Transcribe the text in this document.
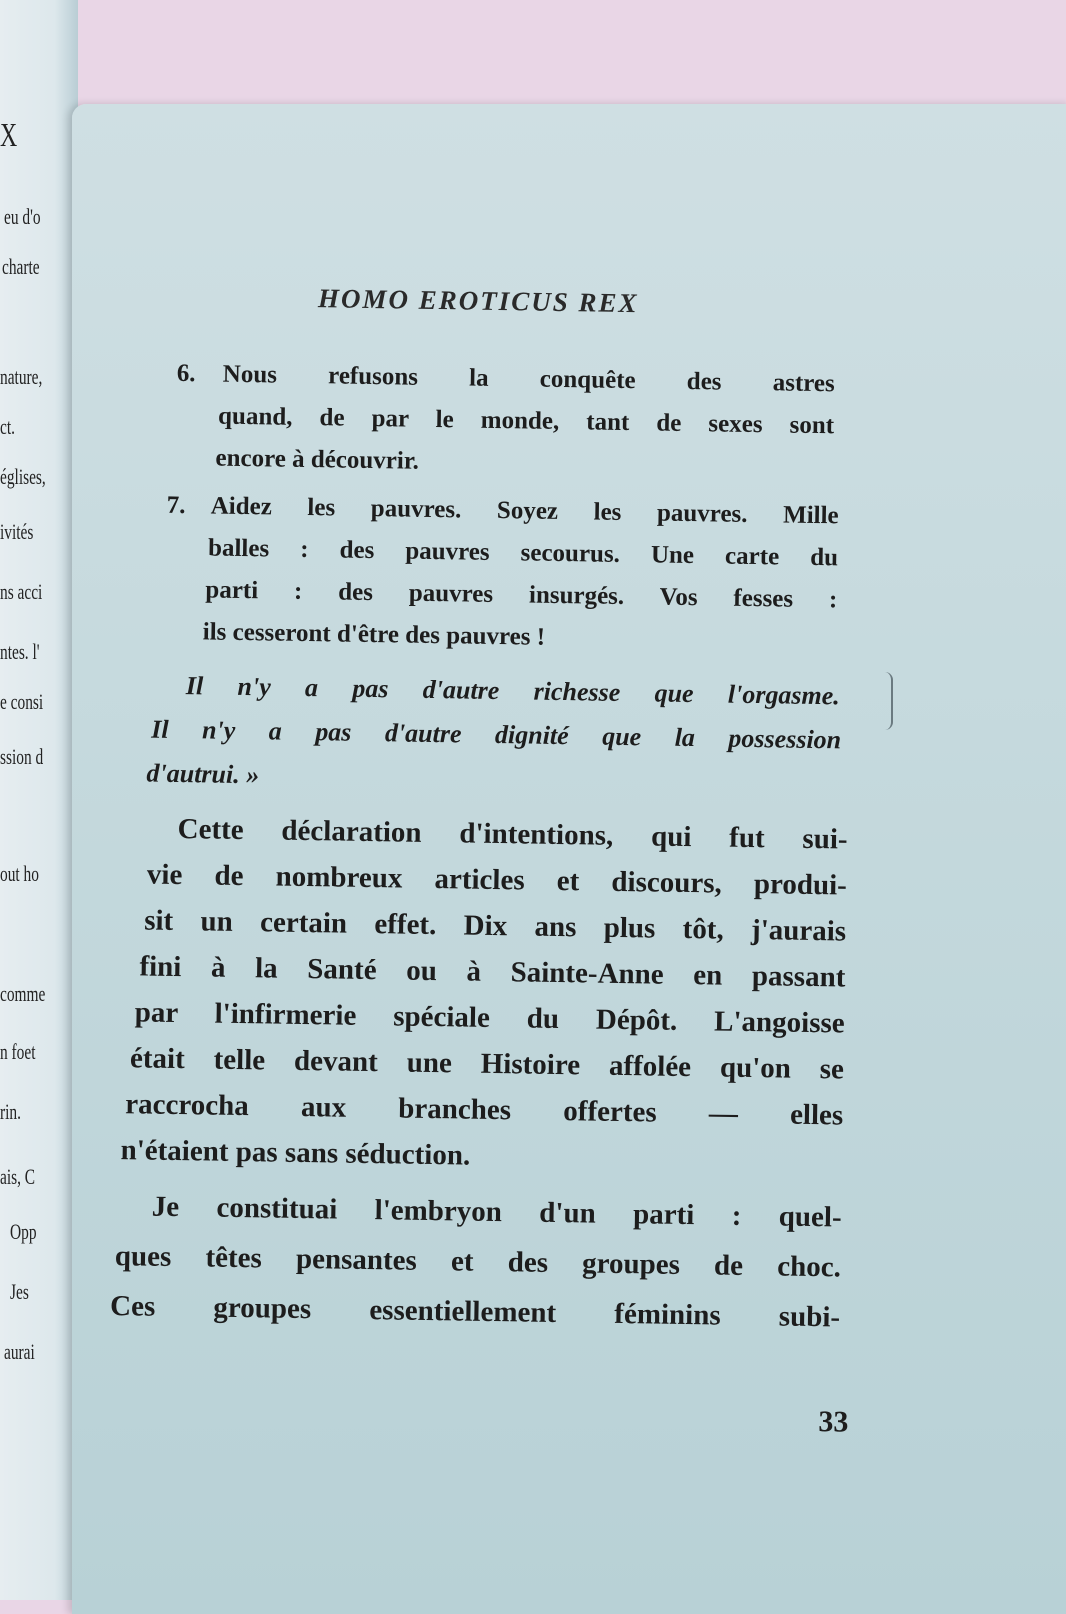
X
eu d'o
charte
nature,
ct.
églises,
ivités
ns acci
ntes. l'
e consi
ssion d
out ho
comme
n foet
rin.
ais, C
Opp
Jes
aurai
HOMO EROTICUS REX
6. Nous refusons la conquête des astres
quand, de par le monde, tant de sexes sont
encore à découvrir.
7. Aidez les pauvres. Soyez les pauvres. Mille
balles : des pauvres secourus. Une carte du
parti : des pauvres insurgés. Vos fesses :
ils cesseront d'être des pauvres !
Il n'y a pas d'autre richesse que l'orgasme.
Il n'y a pas d'autre dignité que la possession
d'autrui. »
Cette déclaration d'intentions, qui fut sui-
vie de nombreux articles et discours, produi-
sit un certain effet. Dix ans plus tôt, j'aurais
fini à la Santé ou à Sainte-Anne en passant
par l'infirmerie spéciale du Dépôt. L'angoisse
était telle devant une Histoire affolée qu'on se
raccrocha aux branches offertes — elles
n'étaient pas sans séduction.
Je constituai l'embryon d'un parti : quel-
ques têtes pensantes et des groupes de choc.
Ces groupes essentiellement féminins subi-
33
